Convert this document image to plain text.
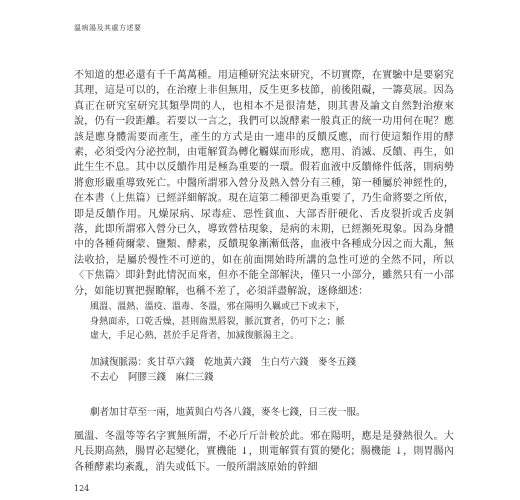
溫病湯及其處方述要

不知道的想必還有千千萬萬種。用這種研究法來研究，不切實際，在實驗中是要窮究其理，這是可以的，在治療上非但無用，反生更多枝節，前後阻礙，一籌莫展。因為真正在研究室研究其類學問的人，也相本不是很清楚，則其書及論文自然對治療來說，仍有一段距離。若要以一言之，我們可以說酵素一般真正的統一功用何在呢？應該是應身體需要而產生，產生的方式是由一連串的反饋反應，而行使這類作用的酵素，必須受內分泌控制，由電解質為轉化觸媒而形成，應用、消滅、反饋、再生，如此生生不息。其中以反饋作用是極為重要的一環。假若血液中反饋條件低落，則病勢將愈形嚴重導致死亡。中醫所謂邪入營分及熱入營分有三種，第一種屬於神經性的，在本書（上焦篇）已經詳細解說。現在這第二種卻更為重要了，乃生命將要之所依，即是反饋作用。凡燥尿病、尿毒症、惡性貧血、大部否肝硬化、舌皮裂折或舌皮剝落，此即所謂邪入營分已久，導致營枯現象，是病的末期，已經瀕死現象。因為身體中的各種荷爾蒙、鹽類、酵素，反饋現象漸漸低落，血液中各種成分因之而大亂，無法收拾，是屬於慢性不可逆的，如在前面開始時所講的急性可逆的全然不同，所以〈下焦篇〉即針對此情況而來，但亦不能全部解決，僅只一小部分，雖然只有一小部分，如能切實把握瞭解，也稱不差了，必須詳盡解說，逐條細述：

風溫、溫熱、溫疫、溫毒、冬溫，邪在陽明久羈或已下或未下，

身熱面赤，口乾舌燥，甚則齒黑唇裂，脈沉實者，仍可下之；脈

虛大，手足心熱，甚於手足背者，加減復脈湯主之。

加減復脈湯：炙甘草六錢　乾地黃六錢　生白芍六錢　麥冬五錢

不去心　阿膠三錢　麻仁三錢

劇者加甘草至一兩，地黃與白芍各八錢，麥冬七錢，日三夜一服。

風溫、冬溫等等名字實無所謂，不必斤斤計較於此。邪在陽明，應是是發熱很久。大凡長期高熱，腸胃必起變化，實機能 ↓，則電解質有質的變化；腸機能 ↓，則胃腸內各種酵素均紊亂，消失或低下。一般所謂該原始的幹細

124
